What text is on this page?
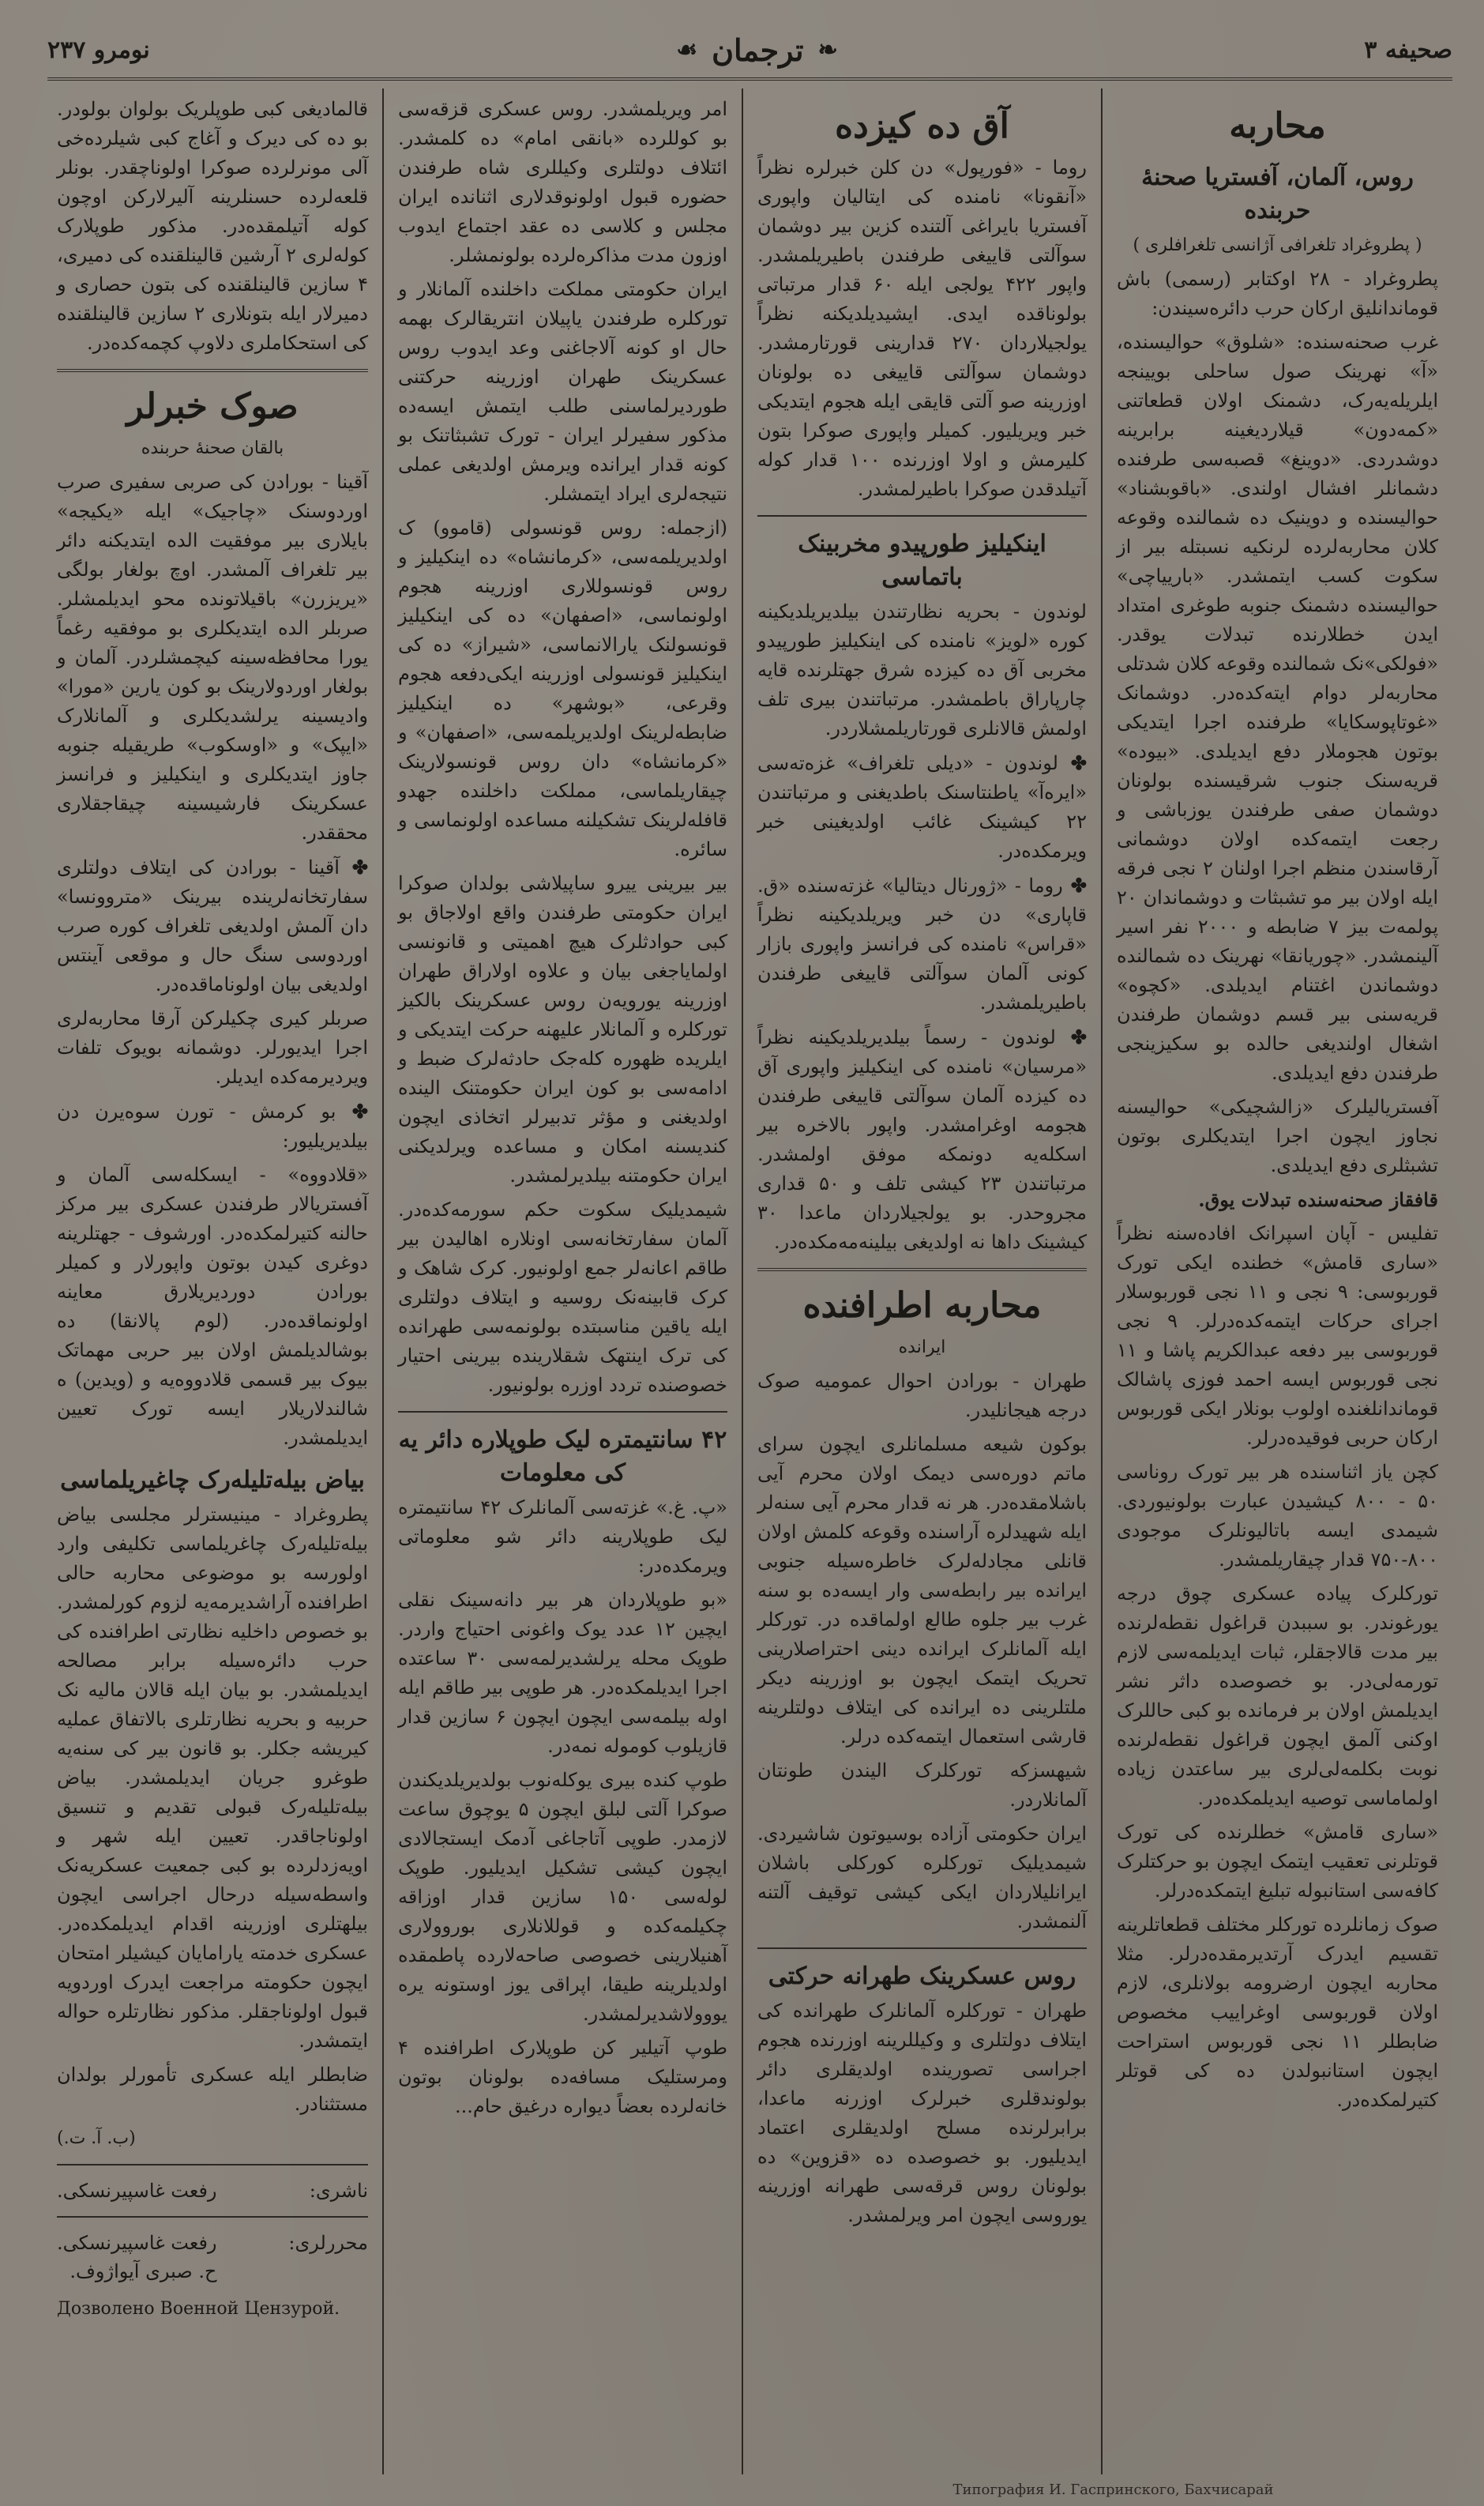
صحیفه ۳
❧
ترجمان
☙
نومرو ۲۳۷
محاربه
روس، آلمان، آفستریا صحنهٔ حربنده
( پطروغراد تلغرافی آژانسی تلغرافلری )

پطروغراد - ۲۸ اوکتابر (رسمی) باش قوماندانلیق ارکان حرب دائره‌سیندن:

غرب صحنه‌سنده: «شلوق» حوالیسنده، «آ» نهرینک صول ساحلی بویینجه ایلریله‌یه‌رک، دشمنک اولان قطعاتنی «کمه‌دون» قیلاردیغینه برابرینه دوشدردی. «دوینغ» قصبه‌سی طرفنده دشمانلر افشال اولندی. «باقوبشناد» حوالیسنده و دوینیک ده شمالنده وقوعه کلان محاربه‌لرده لرنکیه نسبتله بیر از سکوت کسب ایتمشدر. «بارییاچی» حوالیسنده دشمنک جنوبه طوغری امتداد ایدن خطلارنده تبدلات یوقدر. «فولکی»نک شمالنده وقوعه کلان شدتلی محاربه‌لر دوام ایته‌کده‌در. دوشمانک «غوتاپوسکایا» طرفنده اجرا ایتدیکی بوتون هجوملار دفع ایدیلدی. «بیوده» قریه‌سنک جنوب شرقیسنده بولونان دوشمان صفی طرفندن یوزباشی و رجعت ایتمه‌کده اولان دوشمانی آرقاسندن منظم اجرا اولنان ۲ نجی فرقه ایله اولان بیر مو تشبثات و دوشماندان ۲۰ پولمه‌ت بیز ۷ ضابطه و ۲۰۰۰ نفر اسیر آلینمشدر. «چوریانقا» نهرینک ده شمالنده دوشماندن اغتنام ایدیلدی. «کچوه» قریه‌سنی بیر قسم دوشمان طرفندن اشغال اولندیغی حالده بو سکیزینجی طرفندن دفع ایدیلدی.

آفستریالیلرک «زالشچیکی» حوالیسنه نجاوز ایچون اجرا ایتدیکلری بوتون تشبثلری دفع ایدیلدی.

قافقاز صحنه‌سنده تبدلات یوق.

تفلیس - آپان اسپرانک افاده‌سنه نظراً «ساری قامش» خطنده ایکی تورک قوربوسی: ۹ نجی و ۱۱ نجی قوربوسلار اجرای حرکات ایتمه‌کده‌درلر. ۹ نجی قوربوسی بیر دفعه عبدالکریم پاشا و ۱۱ نجی قوربوس ایسه احمد فوزی پاشالک قوماندانلغنده اولوب بونلار ایکی قوربوس ارکان حربی فوقیده‌درلر.

کچن یاز اثناسنده هر بیر تورک رونا‌سی ۵۰ - ۸۰۰ کیشیدن عبارت بولونیوردی. شیمدی ایسه باتالیونلرک موجودی ۸۰۰-۷۵۰ قدار چیقاریلمشدر.

تورکلرک پیاده عسکری چوق درجه یورغوندر. بو سببدن قراغول نقطه‌لرنده بیر مدت قالاجقلر، ثبات ایدیلمه‌سی لازم تورمه‌لی‌در. بو خصوصده داثر نشر ایدیلمش اولان بر فرمانده بو کبی حاللرک اوکنی آلمق ایچون قراغول نقطه‌لرنده نوبت بکلمه‌لی‌لری بیر ساعتدن زیاده اولماماسی توصیه ایدیلمکده‌در.

«ساری قامش» خطلرنده کی تورک قوتلرنی تعقیب ایتمک ایچون بو حرکتلرک کافه‌سی استانبوله تبلیغ ایتمکده‌درلر.

صوک زمانلرده تورکلر مختلف قطعاتلرینه تقسیم ایدرک آرتدیرمقده‌درلر. مثلا محاربه ایچون ارضرومه بولانلری، لازم اولان قوربوسی اوغراییب مخصوص ضابطلر ۱۱ نجی قوربوس استراحت ایچون استانبولدن ده کی قوتلر کتیرلمکده‌در.

آق ده کیزده

روما - «فورپول» دن کلن خبرلره نظراً «آنقونا» نامنده کی ایتالیان واپوری آفستریا بایراغی آلتنده کزین بیر دوشمان سوآلتی قاییغی طرفندن باطیریلمشدر. واپور ۴۲۲ یولجی ایله ۶۰ قدار مرتباتی بولوناقده ایدی. ایشیدیلدیکنه نظراً یولجیلاردان ۲۷۰ قدارینی قورتارمشدر. دوشمان سوآلتی قاییغی ده بولونان اوزرینه صو آلتی قایقی ایله هجوم ایتدیکی خبر ویریلیور. کمیلر واپوری صوکرا بتون کلیرمش و اولا اوزرنده ۱۰۰ قدار کوله آتیلدقدن صوکرا باطیرلمشدر.

اینکیلیز طورپیدو مخربینک باتماسی

لوندون - بحریه نظارتندن بیلدیریلدیکینه کوره «لویز» نامنده کی اینکیلیز طورپیدو مخربی آق ده کیزده شرق جهتلرنده قایه چارپاراق باطمشدر. مرتباتندن بیری تلف اولمش قالانلری قورتاریلمشلاردر.

✤ لوندون - «دیلی تلغراف» غزه‌ته‌سی «ایره‌آ» یاطنتاسنک باطدیغنی و مرتباتندن ۲۲ کیشینک غائب اولدیغینی خبر ویرمکده‌در.

✤ روما - «ژورنال دیتالیا» غزته‌سنده «ق. قاپاری» دن خبر ویریلدیکینه نظراً «قراس» نامنده کی فرانسز واپوری بازار کونی آلمان سوآلتی قاییغی طرفندن باطیریلمشدر.

✤ لوندون - رسماً بیلدیریلدیکینه نظراً «مرسیان» نامنده کی اینکیلیز واپوری آق ده کیزده آلمان سوآلتی قاییغی طرفندن هجومه اوغرامشدر. واپور بالاخره بیر اسکله‌یه دونمکه موفق اولمشدر. مرتباتندن ۲۳ کیشی تلف و ۵۰ قداری مجروحدر. بو یولجیلاردان ماعدا ۳۰ کیشینک داها نه اولدیغی بیلینه‌مه‌مکده‌در.

محاربه اطرافنده
ایرانده

طهران - بورادن احوال عمومیه صوک درجه هیجانلیدر.

بوکون شیعه مسلمانلری ایچون سرای ماتم دوره‌سی دیمک اولان محرم آیی باشلامقده‌در. هر نه قدار محرم آیی سنه‌لر ایله شهیدلره آراسنده وقوعه کلمش اولان قانلی مجادله‌لرک خاطره‌سیله جنوبی ایرانده بیر رابطه‌سی وار ایسه‌ده بو سنه غرب بیر جلوه طالع اولماقده در. تورکلر ایله آلمانلرک ایرانده دینی احتراصلارینی تحریک ایتمک ایچون بو اوزرینه دیکر ملتلرینی ده ایرانده کی ایتلاف دولتلرینه قارشی استعمال ایتمه‌کده درلر.

شیهسزکه تورکلرک الیندن طونتان آلمانلاردر.

ایران حکومتی آزاده بوسیوتون شاشیردی. شیمدیلیک تورکلره کورکلی باشلان ایرانلیلاردان ایکی کیشی توقیف آلتنه آلنمشدر.

روس عسکرینک طهرانه حرکتی

طهران - تورکلره آلمانلرک طهرانده کی ایتلاف دولتلری و وکیللرینه اوزرنده هجوم اجراسی تصورینده اولدیقلری دائر بولوندقلری خبرلرک اوزرنه ماعدا، برابرلرنده مسلح اولدیقلری اعتماد ایدیلیور. بو خصوصده ده «قزوین» ده بولونان روس قرقه‌سی طهرانه اوزرینه یوروسی ایچون امر ویرلمشدر.

امر ویریلمشدر. روس عسکری قزقه‌سی بو کوللرده «بانقی امام» ده کلمشدر. ائتلاف دولتلری وکیللری شاه طرفندن حضوره قبول اولونوقدلاری اثنانده ایران مجلس و کلاسی ده عقد اجتماع ایدوب اوزون مدت مذاکره‌لرده بولونمشلر.

ایران حکومتی مملکت داخلنده آلمانلار و تورکلره طرفندن یاپیلان انتریقالرک بهمه حال او کونه آلاجاغنی وعد ایدوب روس عسکرینک طهران اوزرینه حرکتنی طوردیرلماسنی طلب ایتمش ایسه‌ده مذکور سفیرلر ایران - تورک تشبثاتنک بو کونه قدار ایرانده ویرمش اولدیغی عملی نتیجه‌لری ایراد ایتمشلر.

(ازجمله: روس قونسولی (قاموو) ک اولدیریلمه‌سی، «کرمانشاه» ده اینکیلیز و روس قونسوللاری اوزرینه هجوم اولونماسی، «اصفهان» ده کی اینکیلیز قونسولنک یارالانماسی، «شیراز» ده کی اینکیلیز قونسولی اوزرینه ایکی‌دفعه هجوم وقرعی، «بوشهر» ده اینکیلیز ضابطه‌لرینک اولدیریلمه‌سی، «اصفهان» و «کرمانشاه» دان روس قونسولارینک چیقاریلماسی، مملکت داخلنده جهدو قافله‌لرینک تشکیلنه مساعده اولونماسی و سائره.

بیر بیرینی ییرو ساپیلاشی بولدان صوکرا ایران حکومتی طرفندن واقع اولاجاق بو کبی حوادثلرک هیچ اهمیتی و قانونسی اولمایاجغی بیان و علاوه اولاراق طهران اوزرینه یورویه‌ن روس عسکرینک بالکیز تورکلره و آلمانلار علیهنه حرکت ایتدیکی و ایلریده ظهوره کله‌جک حادثه‌لرک ضبط و ادامه‌سی بو کون ایران حکومتنک الینده اولدیغنی و مؤثر تدبیرلر اتخاذی ایچون کندیسنه امکان و مساعده ویرلدیکنی ایران حکومتنه بیلدیرلمشدر.

شیمدیلیک سکوت حکم سورمه‌کده‌در. آلمان سفارتخانه‌سی اونلاره اهالیدن بیر طاقم اعانه‌لر جمع اولونیور. کرک شاهک و کرک قابینه‌نک روسیه و ایتلاف دولتلری ایله یاقین مناسبتده بولونمه‌سی طهرانده کی ترک اینتهک شقلارینده بیرینی احتیار خصوصنده تردد اوزره بولونیور.

۴۲ سانتیمتره‌ لیک طوپلاره دائر یه کی معلومات

«پ. غ.» غزته‌سی آلمانلرک ۴۲ سانتیمتره لیک طوپلارینه دائر شو معلوماتی ویرمکده‌در:

«بو طوپلاردان هر بیر دانه‌سینک نقلی ایچین ۱۲ عدد یوک واغونی احتیاج وار‌در. طوپک محله یرلشدیرلمه‌سی ۳۰ ساعتده اجرا ایدیلمکده‌در. هر طوپی بیر طاقم ایله اوله بیلمه‌سی ایچون ایچون ۶ سازین قدار قازیلوب کوموله‌ نمه‌در.

طوپ کنده بیری یوکله‌نوب بولدیریلدیکندن صوکرا آلتی لبلق ایچون ۵ یوچوق ساعت لازمدر. طوپی آتاجاغی آدمک ایستجالادی‌ ایچون کیشی تشکیل ایدیلیور. طوپک لوله‌سی ۱۵۰ سازین قدار اوزاقه چکیلمه‌کده و قوللانلاری بوروولاری آهنیلارینی خصوصی صاحه‌لارده پاطمقده اولدیلرینه طیقا، اپراقی یوز اوستونه یره یووولاشدیرلمشدر.

طوپ آتیلیر کن طوپلارک اطرافنده ۴ ومرستلیک مسافه‌ده بولونان بوتون خانه‌لرده بعضاً دیواره درغیق حام...

قالمادیغی کبی طوپلریک بولوان بولودر. بو ده کی دیرک و آغاج کبی شیلرده‌خی آلی مونرلرده‌ صوکرا اولوناچقدر. بونلر قلعه‌لرده حسنلرینه‌ آلیرلارکن اوچون کوله آتیلمقده‌در. مذکور طوپلارک کوله‌لری ۲ آرشین قالینلقنده کی دمیری، ۴ سازین قالینلقنده کی بتون حصاری و دمیرلار ایله بتونلاری ۲ سازین قالینلقنده کی استحکاملری دلاوپ کچمه‌کده‌در.

صوک خبرلر
بالقان صحنهٔ حربنده

آقینا - بورادن کی صربی سفیری صرب اوردوسنک «چاجیک» ایله «یکیجه» بایلاری بیر موفقیت الده ایتدیکنه دائر بیر تلغراف آلمشدر. اوچ بولغار بولگی «یریزرن» باقیلاتونده محو ایدیلمشلر. صربلر الده ایتدیکلری بو موفقیه رغماً یورا محافظه‌سینه کیچمشلردر. آلمان و بولغار اوردولارینک بو کون یارین «مورا» وادیسینه یرلشدیکلری و آلمانلارک «ایپک» و «اوسکوب» طریقیله جنوبه‌ جاوز ایتدیکلری و اینکیلیز و فرانسز عسکرینک فارشیسینه چیقاجقلاری محققدر.

✤ آقینا - بورادن کی ایتلاف دولتلری سفارتخانه‌لرینده بیرینک «متروونسا» دان آلمش اولدیغی تلغراف کوره صرب اوردوسی سنگ حال و موقعی آینتس اولدیغی بیان اولوناماقده‌در.

صربلر کیری چکیلرکن آرقا محاربه‌لری اجرا ایدیورلر. دوشمانه بویوک تلفات ویردیرمه‌کده ایدیلر.

✤ بو کرمش - تورن سوه‌یرن دن بیلدیریلیور:

«قلادووه» - ایسکله‌سی آلمان و آفستریالار طرفندن عسکری بیر مرکز حالنه کتیرلمکده‌در. اورشوف - جهتلرینه دوغری کیدن بوتون واپورلار و کمیلر بورادن دوردیریلارق معاینه اولونماقده‌در. (لوم پالانقا) ده بوشالدیلمش اولان بیر حربی مهماتک بیوک بیر قسمی قلادووه‌یه و (ویدین) ه شالندلاریلار ایسه تورک تعیین ایدیلمشدر.

بیاض بیله‌تلیله‌رک چاغیریلماسی

پطروغراد - مینیسترلر مجلسی بیاض بیله‌تلیله‌رک چاغریلماسی تکلیفی وارد اولورسه بو موضوعی محاربه حالی اطرافنده آراشدیرمه‌یه لزوم کورلمشدر. بو خصوص داخلیه نظارتی اطرافنده کی حرب دائره‌سیله برابر مصالحه ایدیلمشدر. بو بیان ایله قالان مالیه‌ نک حربیه و بحریه نظارتلری بالاتفاق عملیه کیریشه جکلر. بو قانون بیر کی سنه‌یه طوغرو جریان ایدیلمشدر. بیاض بیله‌تلیله‌رک قبولی تقدیم و تنسیق اولوناجاقدر. تعیین ایله شهر و اویه‌زدلرده بو کبی جمعیت عسکریه‌نک واسطه‌سیله درحال اجراسی ایچون بیلهتلری اوزرینه اقدام ایدیلمکده‌در. عسکری خدمته یارامایان کیشیلر امتحان ایچون حکومته مراجعت ایدرک اوردویه قبول اولوناجقلر. مذکور نظارتلره حواله ایتمشدر.

ضابطلر ایله عسکری تأمورلر بولدان مستثنادر.

(ب. آ. ت.)
ناشری:
رفعت غاسپیرنسکی.
محررلری:
رفعت غاسپیرنسکی.
ح. صبری آیواژوف.
Дозволено Военной Цензурой.
Типография И. Гаспринского, Бахчисарай
